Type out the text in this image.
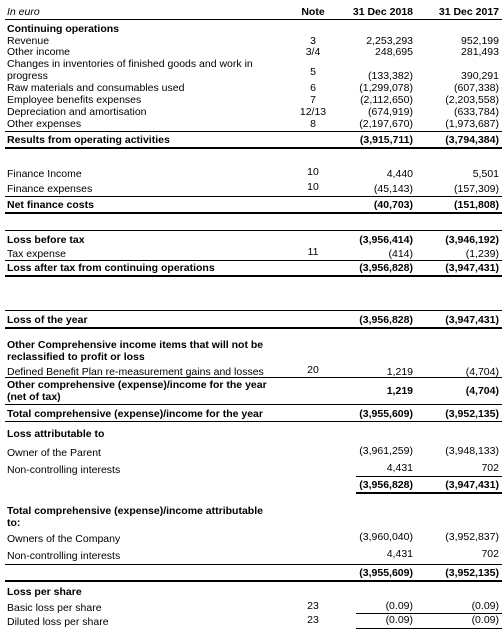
In euro	Note	31 Dec 2018 31 Dec 2017
Continuing operations
Revenue	3	2,253,293	952,199
Other income	3/4	248,695	281,493
Changes in inventories of finished goods and work in progress	5	(133,382)	390,291
Raw materials and consumables used	6	(1,299,078)	(607,338)
Employee benefits expenses	7	(2,112,650)	(2,203,558)
Depreciation and amortisation	12/13	(674,919)	(633,784)
Other expenses	8	(2,197,670)	(1,973,687)
Results from operating activities	(3,915,711)	(3,794,384)
Finance Income	10	4,440	5,501
Finance expenses	10	(45,143)	(157,309)
Net finance costs	(40,703)	(151,808)
Loss before tax	(3,956,414)	(3,946,192)
Tax expense	11	(414)	(1,239)
Loss after tax from continuing operations	(3,956,828)	(3,947,431)
Loss of the year	(3,956,828)	(3,947,431)
Other Comprehensive income items that will not be reclassified to profit or loss
Defined Benefit Plan re-measurement gains and losses	20	1,219	(4,704)
Other comprehensive (expense)/income for the year (net of tax)	1,219	(4,704)
Total comprehensive (expense)/income for the year	(3,955,609)	(3,952,135)
Loss attributable to
Owner of the Parent	(3,961,259)	(3,948,133)
Non-controlling interests	4,431	702
(3,956,828)	(3,947,431)
Total comprehensive (expense)/income attributable to:
Owners of the Company	(3,960,040)	(3,952,837)
Non-controlling interests	4,431	702
(3,955,609)	(3,952,135)
Loss per share
Basic loss per share	23	(0.09)	(0.09)
Diluted loss per share	23	(0.09)	(0.09)
